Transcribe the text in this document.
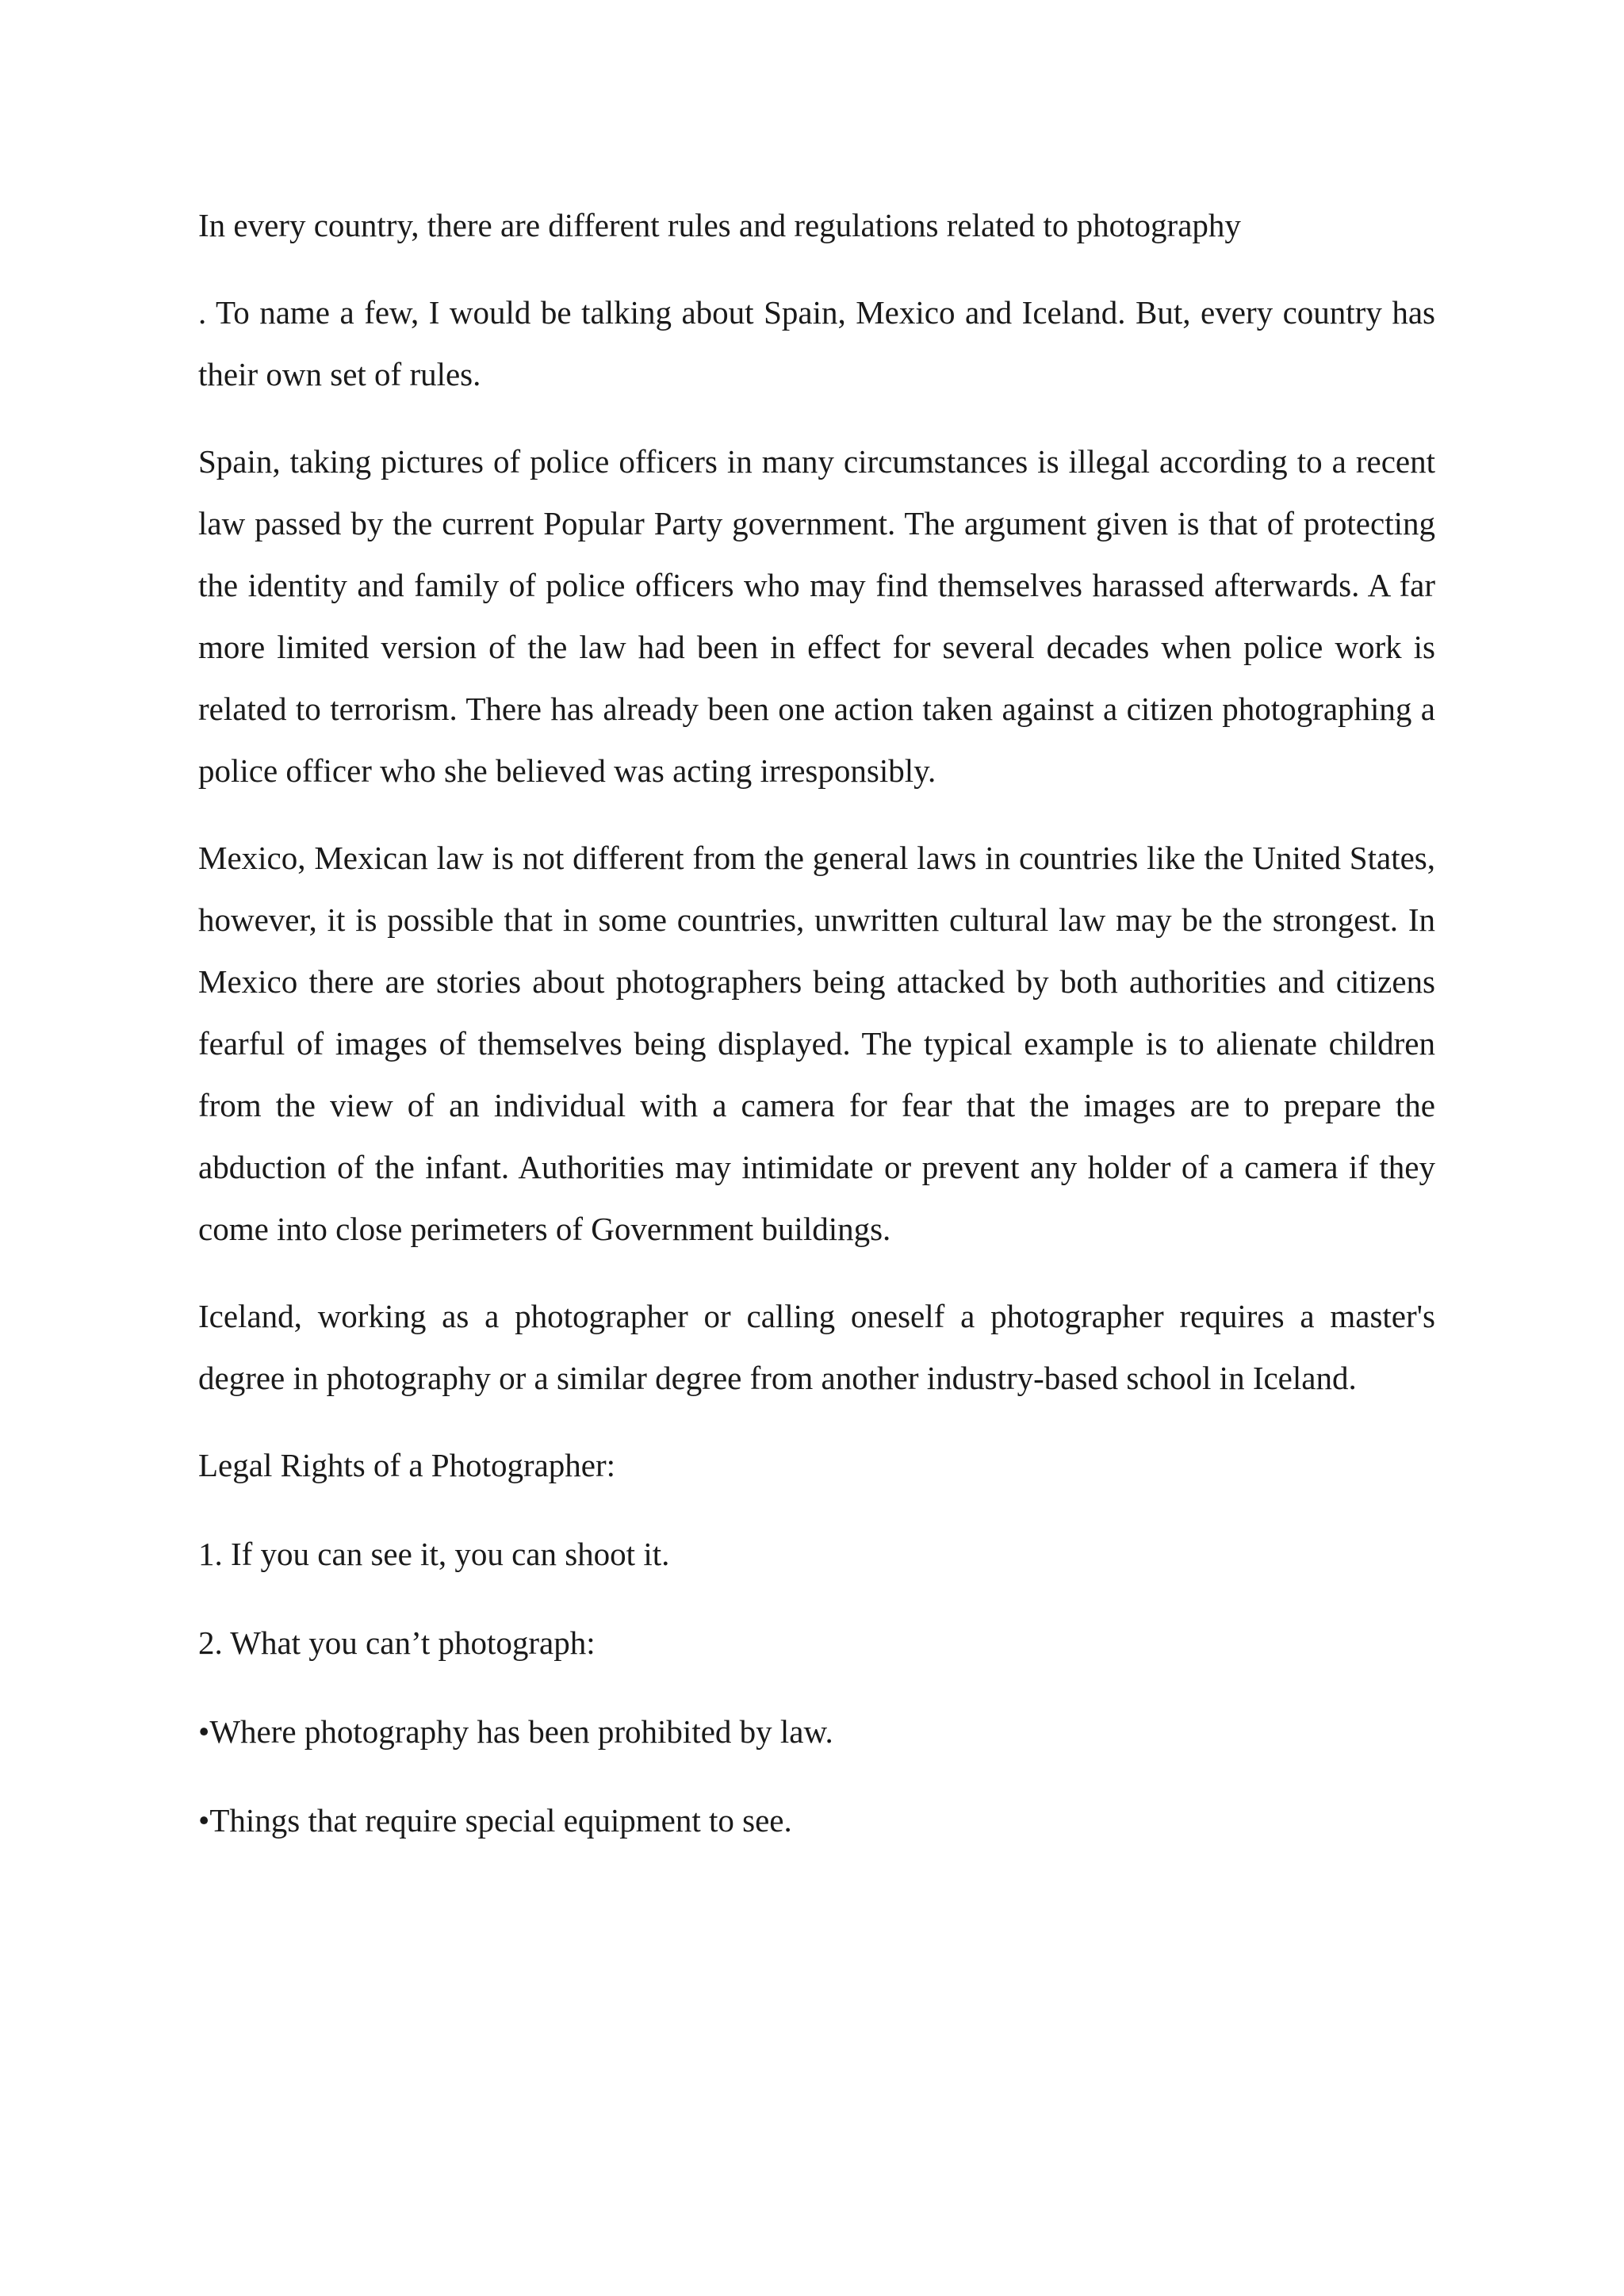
In every country, there are different rules and regulations related to photography

. To name a few, I would be talking about Spain, Mexico and Iceland. But, every country has their own set of rules.

Spain, taking pictures of police officers in many circumstances is illegal according to a recent law passed by the current Popular Party government. The argument given is that of protecting the identity and family of police officers who may find themselves harassed afterwards. A far more limited version of the law had been in effect for several decades when police work is related to terrorism. There has already been one action taken against a citizen photographing a police officer who she believed was acting irresponsibly.

Mexico, Mexican law is not different from the general laws in countries like the United States, however, it is possible that in some countries, unwritten cultural law may be the strongest. In Mexico there are stories about photographers being attacked by both authorities and citizens fearful of images of themselves being displayed. The typical example is to alienate children from the view of an individual with a camera for fear that the images are to prepare the abduction of the infant. Authorities may intimidate or prevent any holder of a camera if they come into close perimeters of Government buildings.

Iceland, working as a photographer or calling oneself a photographer requires a master's degree in photography or a similar degree from another industry-based school in Iceland.

Legal Rights of a Photographer:

1. If you can see it, you can shoot it.

2. What you can’t photograph:

•Where photography has been prohibited by law.

•Things that require special equipment to see.
